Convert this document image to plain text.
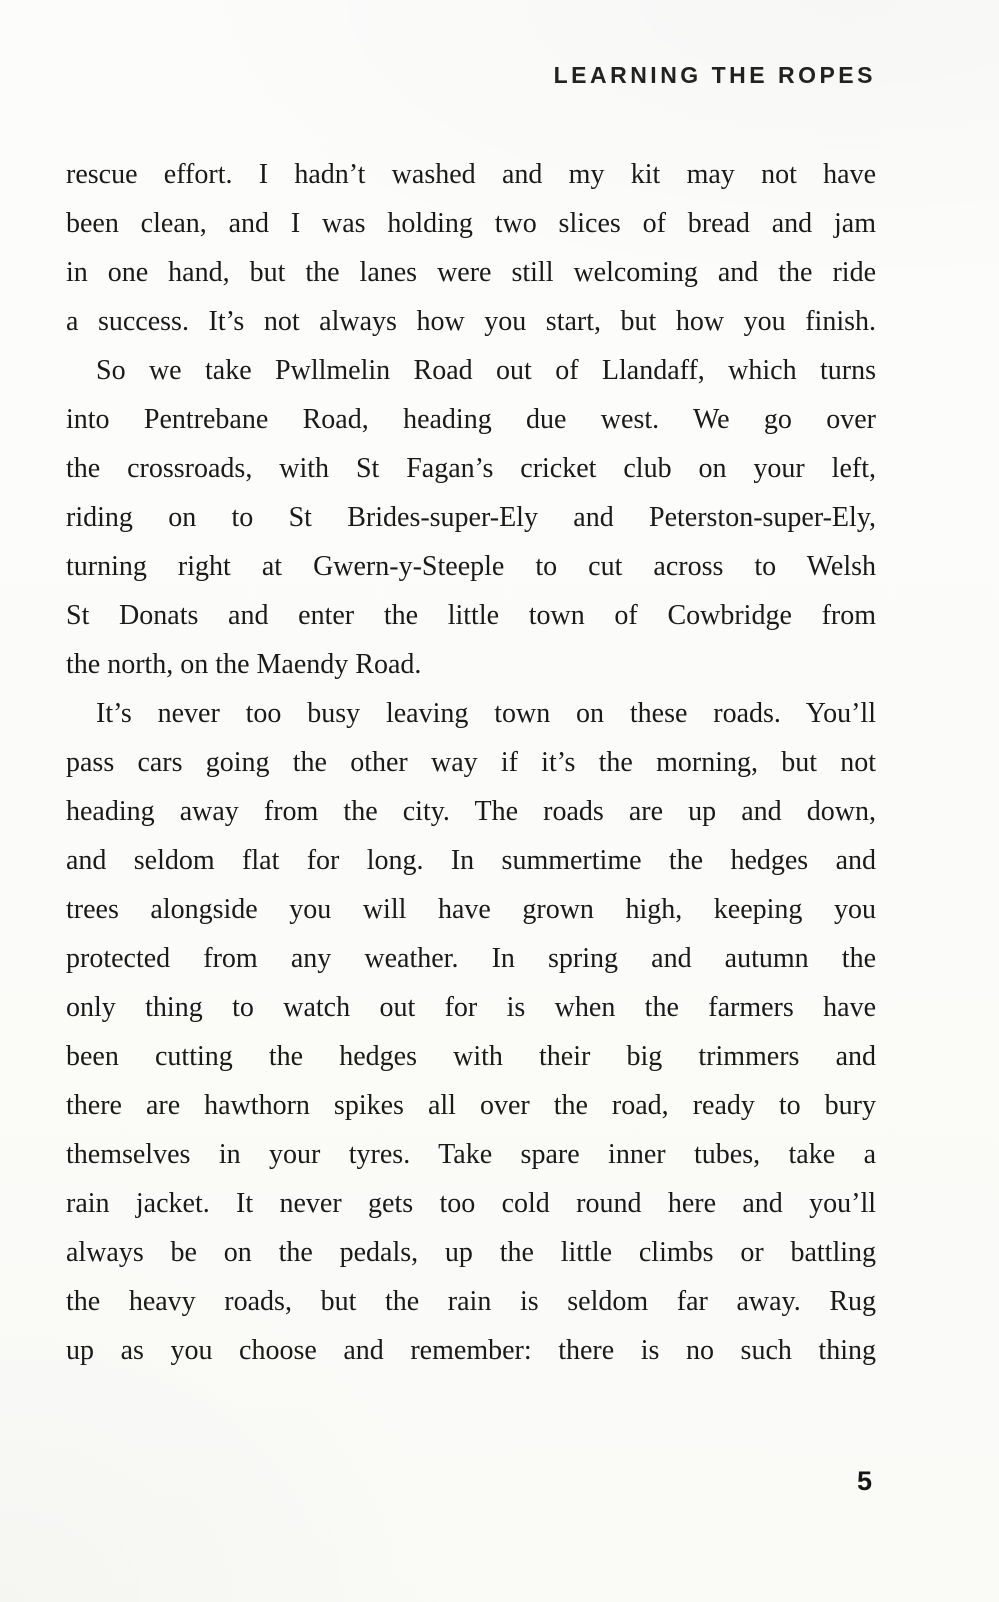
LEARNING THE ROPES
rescue effort. I hadn’t washed and my kit may not have
been clean, and I was holding two slices of bread and jam
in one hand, but the lanes were still welcoming and the ride
a success. It’s not always how you start, but how you finish.
So we take Pwllmelin Road out of Llandaff, which turns
into Pentrebane Road, heading due west. We go over
the crossroads, with St Fagan’s cricket club on your left,
riding on to St Brides-super-Ely and Peterston-super-Ely,
turning right at Gwern-y-Steeple to cut across to Welsh
St Donats and enter the little town of Cowbridge from
the north, on the Maendy Road.
It’s never too busy leaving town on these roads. You’ll
pass cars going the other way if it’s the morning, but not
heading away from the city. The roads are up and down,
and seldom flat for long. In summertime the hedges and
trees alongside you will have grown high, keeping you
protected from any weather. In spring and autumn the
only thing to watch out for is when the farmers have
been cutting the hedges with their big trimmers and
there are hawthorn spikes all over the road, ready to bury
themselves in your tyres. Take spare inner tubes, take a
rain jacket. It never gets too cold round here and you’ll
always be on the pedals, up the little climbs or battling
the heavy roads, but the rain is seldom far away. Rug
up as you choose and remember: there is no such thing
5
